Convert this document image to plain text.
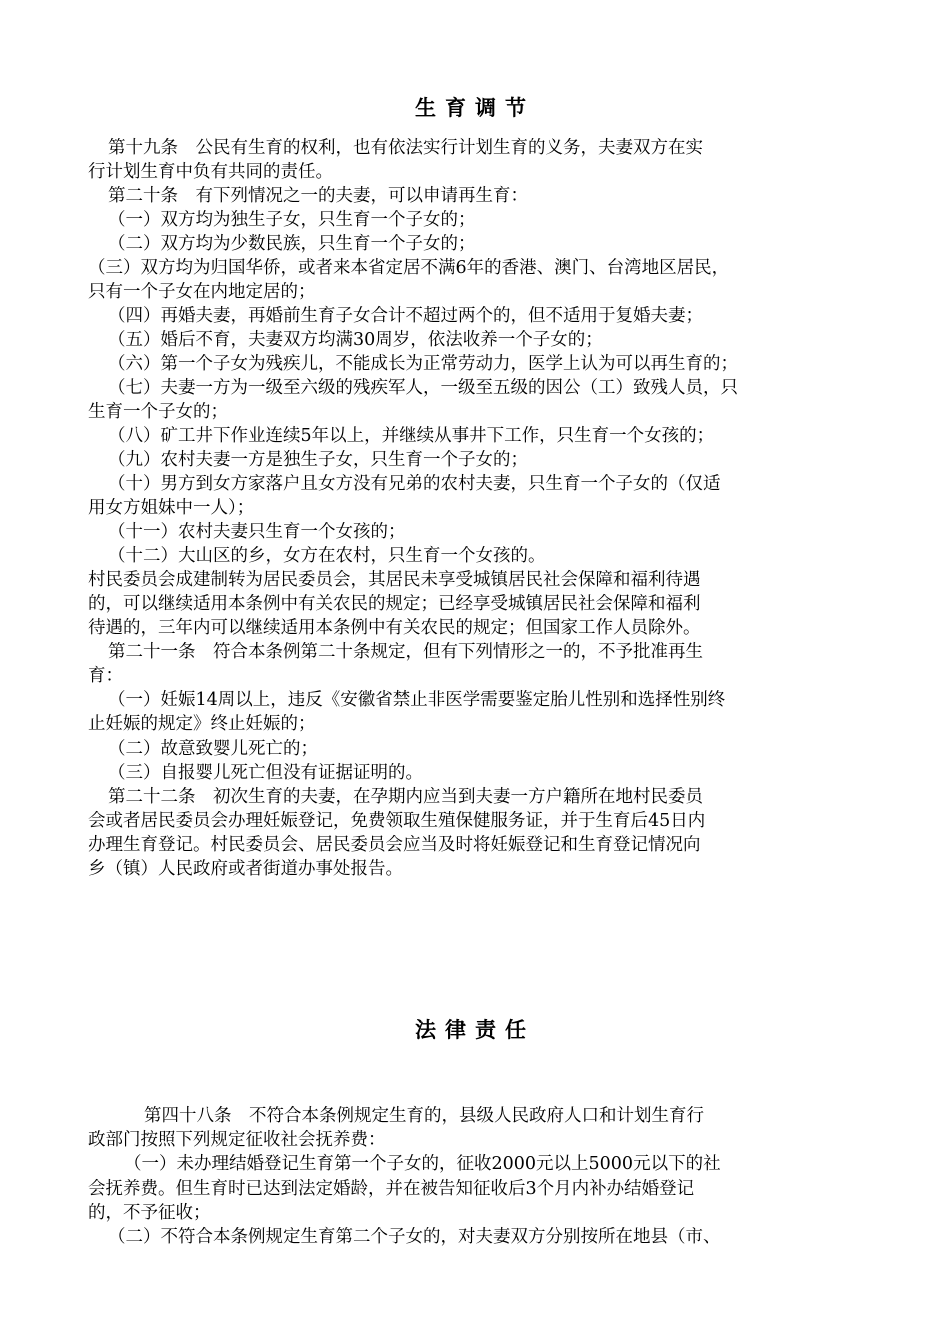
生育调节
第十九条　公民有生育的权利，也有依法实行计划生育的义务，夫妻双方在实
行计划生育中负有共同的责任。
第二十条　有下列情况之一的夫妻，可以申请再生育：
（一）双方均为独生子女，只生育一个子女的；
（二）双方均为少数民族，只生育一个子女的；
（三）双方均为归国华侨，或者来本省定居不满6年的香港、澳门、台湾地区居民，
只有一个子女在内地定居的；
（四）再婚夫妻，再婚前生育子女合计不超过两个的，但不适用于复婚夫妻；
（五）婚后不育，夫妻双方均满30周岁，依法收养一个子女的；
（六）第一个子女为残疾儿，不能成长为正常劳动力，医学上认为可以再生育的；
（七）夫妻一方为一级至六级的残疾军人，一级至五级的因公（工）致残人员，只
生育一个子女的；
（八）矿工井下作业连续5年以上，并继续从事井下工作，只生育一个女孩的；
（九）农村夫妻一方是独生子女，只生育一个子女的；
（十）男方到女方家落户且女方没有兄弟的农村夫妻，只生育一个子女的（仅适
用女方姐妹中一人）；
（十一）农村夫妻只生育一个女孩的；
（十二）大山区的乡，女方在农村，只生育一个女孩的。
村民委员会成建制转为居民委员会，其居民未享受城镇居民社会保障和福利待遇
的，可以继续适用本条例中有关农民的规定；已经享受城镇居民社会保障和福利
待遇的，三年内可以继续适用本条例中有关农民的规定；但国家工作人员除外。
第二十一条　符合本条例第二十条规定，但有下列情形之一的，不予批准再生
育：
（一）妊娠14周以上，违反《安徽省禁止非医学需要鉴定胎儿性别和选择性别终
止妊娠的规定》终止妊娠的；
（二）故意致婴儿死亡的；
（三）自报婴儿死亡但没有证据证明的。
第二十二条　初次生育的夫妻，在孕期内应当到夫妻一方户籍所在地村民委员
会或者居民委员会办理妊娠登记，免费领取生殖保健服务证，并于生育后45日内
办理生育登记。村民委员会、居民委员会应当及时将妊娠登记和生育登记情况向
乡（镇）人民政府或者街道办事处报告。
法律责任
第四十八条　不符合本条例规定生育的，县级人民政府人口和计划生育行
政部门按照下列规定征收社会抚养费：
（一）未办理结婚登记生育第一个子女的，征收2000元以上5000元以下的社
会抚养费。但生育时已达到法定婚龄，并在被告知征收后3个月内补办结婚登记
的，不予征收；
（二）不符合本条例规定生育第二个子女的，对夫妻双方分别按所在地县（市、
